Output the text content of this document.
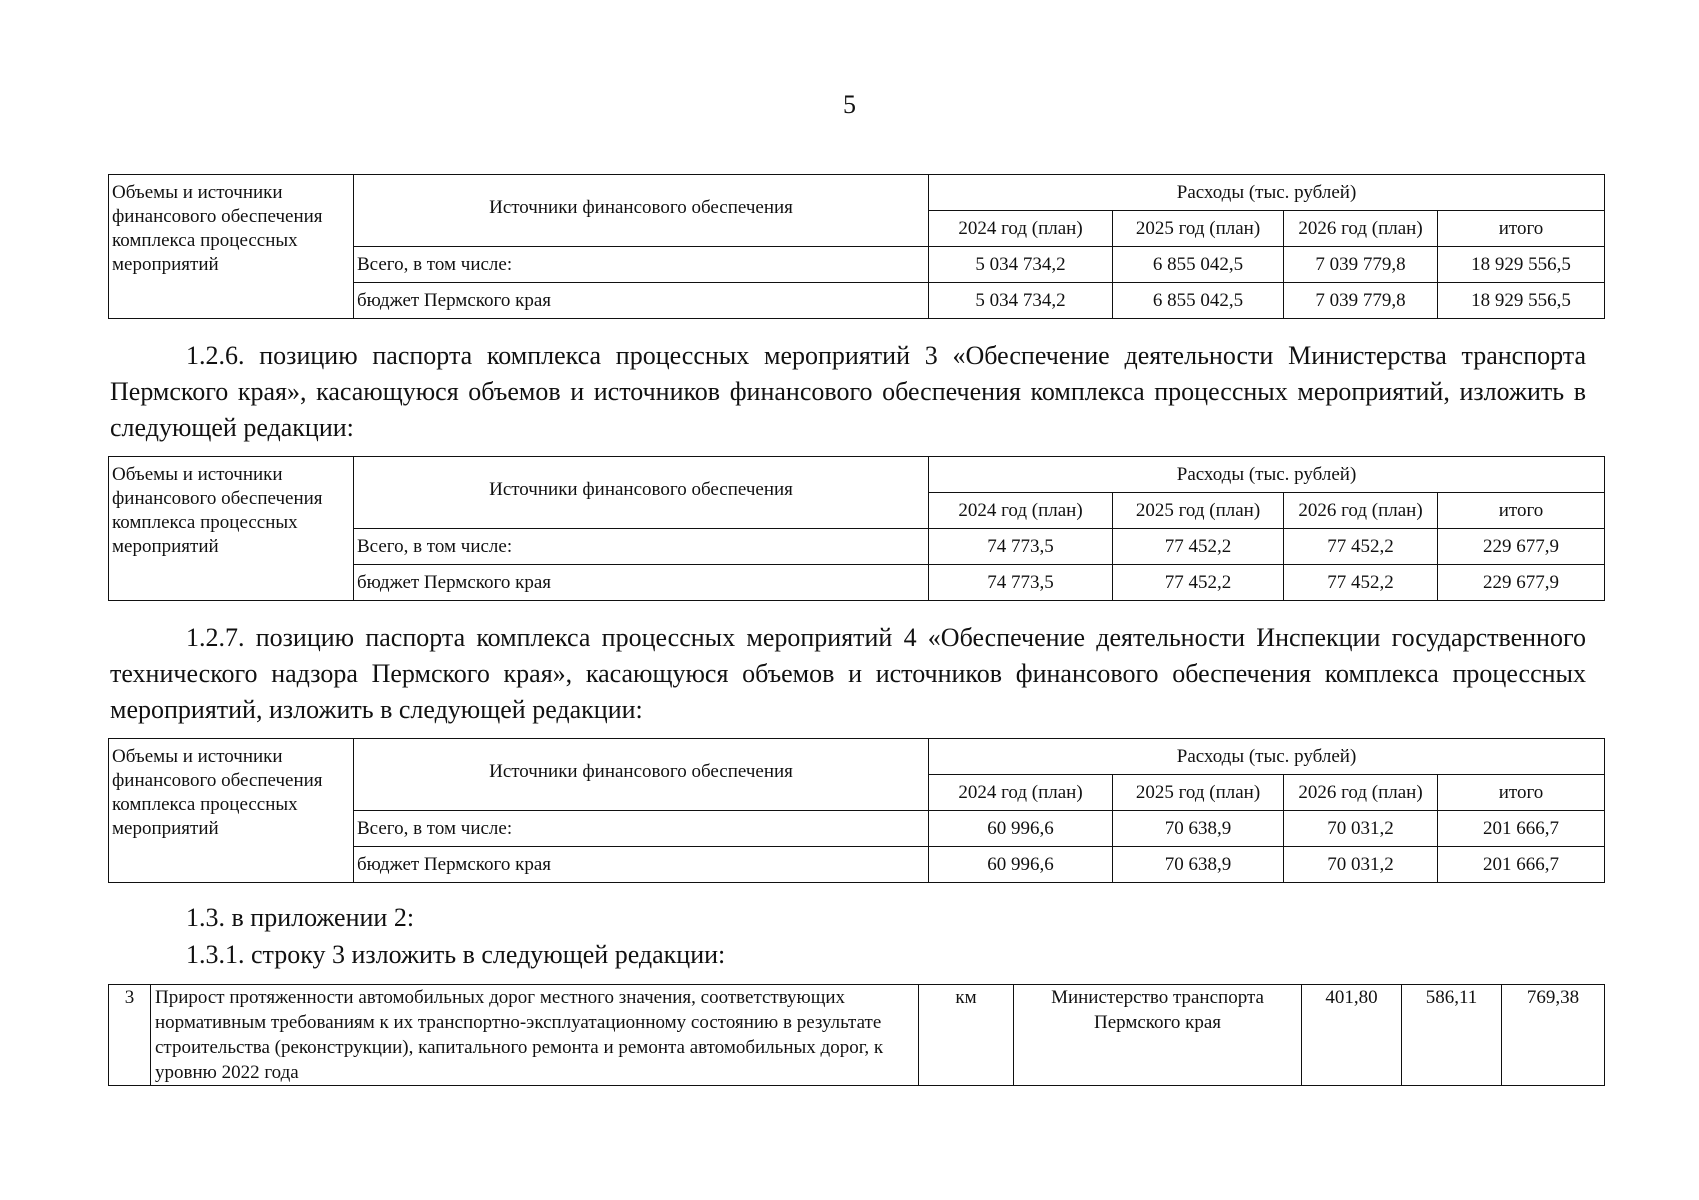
5
Объемы и источники финансового обеспечения комплекса процессных мероприятий	Источники финансового обеспечения	Расходы (тыс. рублей)			
		2024 год (план)	2025 год (план)	2026 год (план)	итого
	Всего, в том числе:	5 034 734,2	6 855 042,5	7 039 779,8	18 929 556,5
	бюджет Пермского края	5 034 734,2	6 855 042,5	7 039 779,8	18 929 556,5
1.2.6. позицию паспорта комплекса процессных мероприятий 3 «Обеспечение деятельности Министерства транспорта Пермского края», касающуюся объемов и источников финансового обеспечения комплекса процессных мероприятий, изложить в следующей редакции:
Объемы и источники финансового обеспечения комплекса процессных мероприятий	Источники финансового обеспечения	Расходы (тыс. рублей)			
		2024 год (план)	2025 год (план)	2026 год (план)	итого
	Всего, в том числе:	74 773,5	77 452,2	77 452,2	229 677,9
	бюджет Пермского края	74 773,5	77 452,2	77 452,2	229 677,9
1.2.7. позицию паспорта комплекса процессных мероприятий 4 «Обеспечение деятельности Инспекции государственного технического надзора Пермского края», касающуюся объемов и источников финансового обеспечения комплекса процессных мероприятий, изложить в следующей редакции:
Объемы и источники финансового обеспечения комплекса процессных мероприятий	Источники финансового обеспечения	Расходы (тыс. рублей)			
		2024 год (план)	2025 год (план)	2026 год (план)	итого
	Всего, в том числе:	60 996,6	70 638,9	70 031,2	201 666,7
	бюджет Пермского края	60 996,6	70 638,9	70 031,2	201 666,7
1.3. в приложении 2:
1.3.1. строку 3 изложить в следующей редакции:
3	Прирост протяженности автомобильных дорог местного значения, соответствующих нормативным требованиям к их транспортно-эксплуатационному состоянию в результате строительства (реконструкции), капитального ремонта и ремонта автомобильных дорог, к уровню 2022 года	км	Министерство транспорта Пермского края	401,80	586,11	769,38
